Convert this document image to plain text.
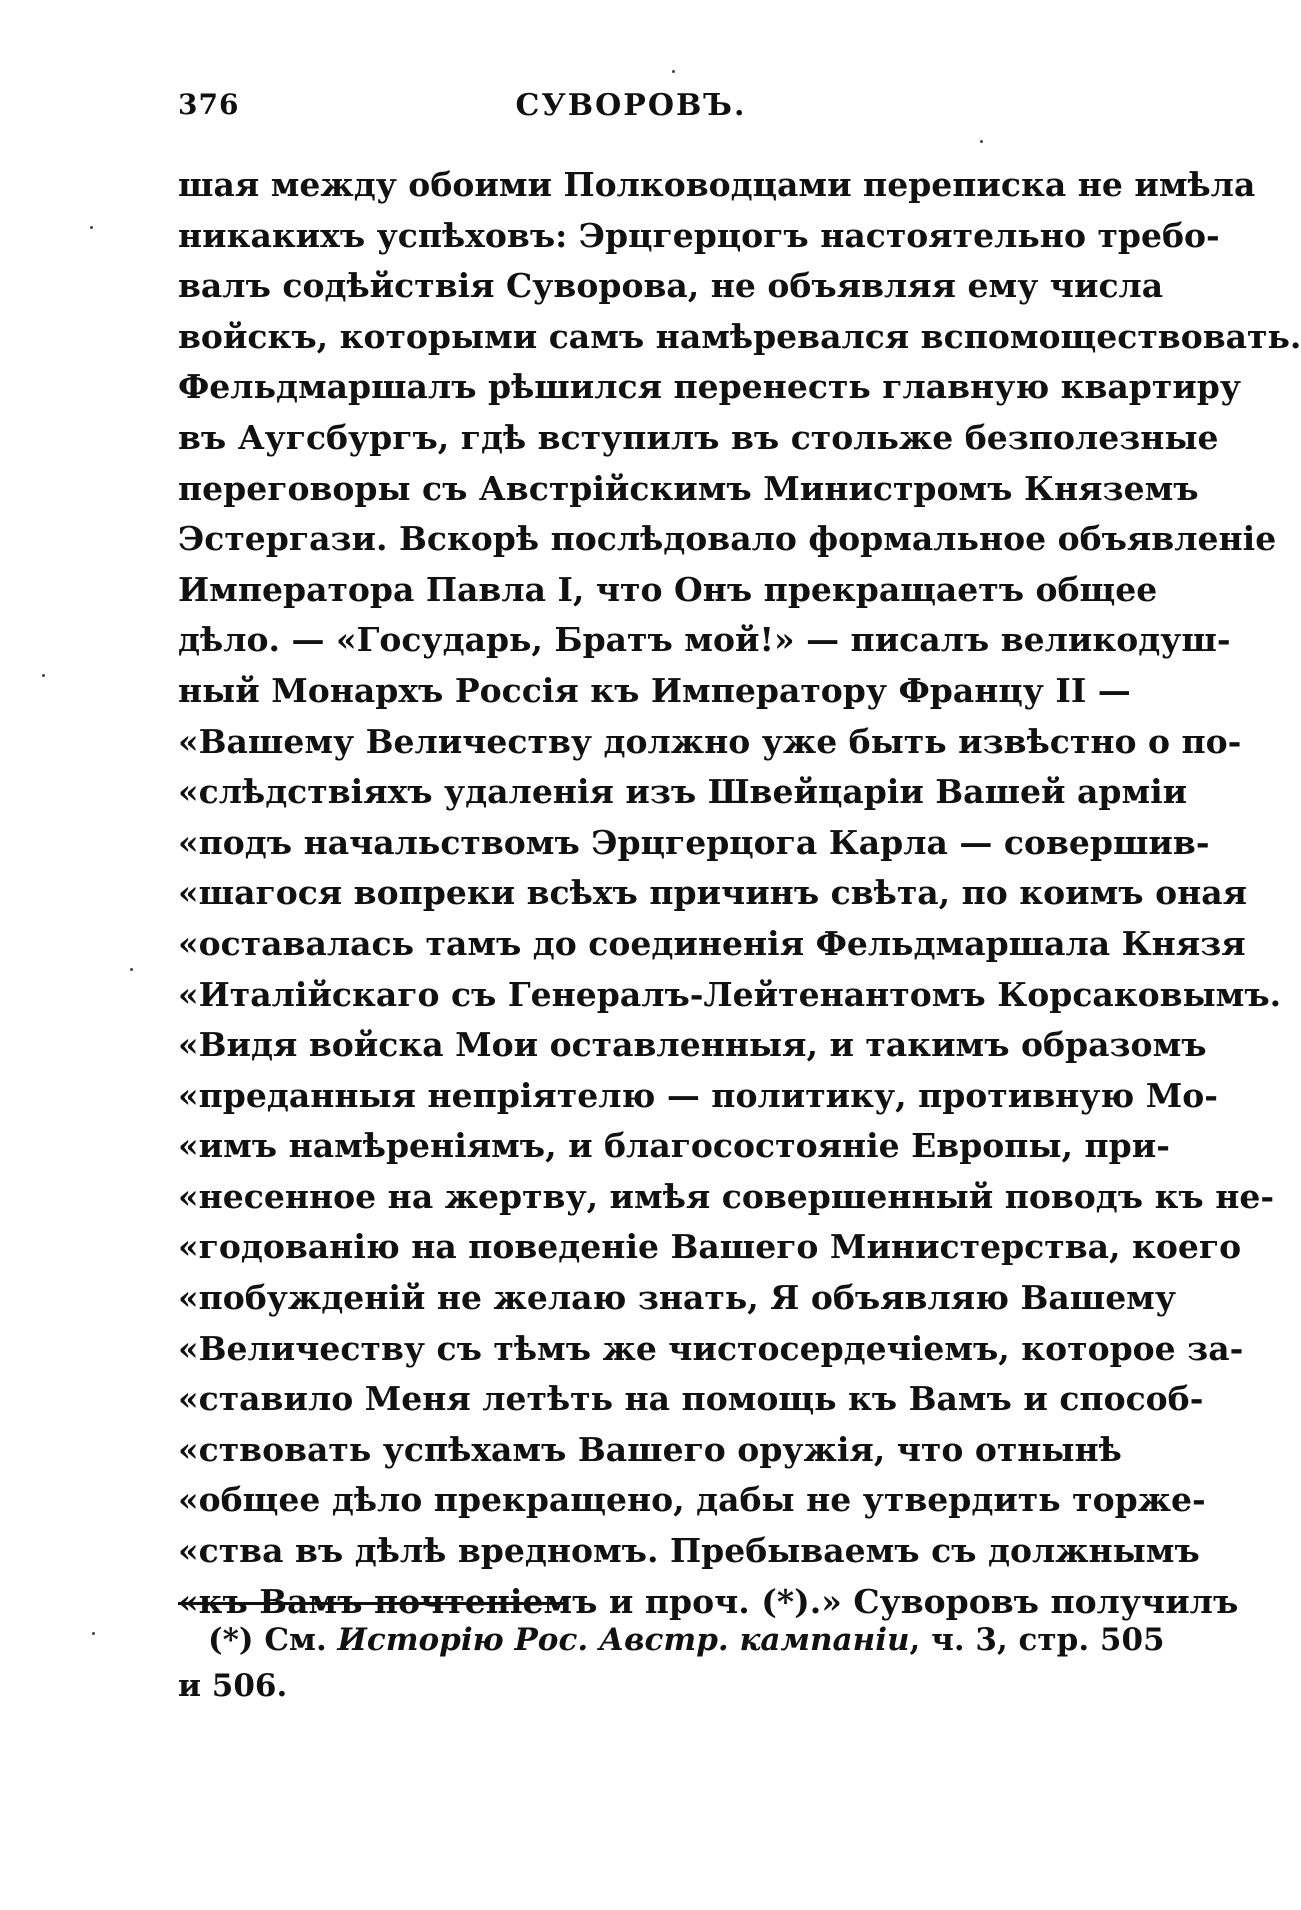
376	СУВОРОВЪ.
шая между обоими Полководцами переписка не имѣла
никакихъ успѣховъ: Эрцгерцогъ настоятельно требо-
валъ содѣйствія Суворова, не объявляя ему числа
войскъ, которыми самъ намѣревался вспомоществовать.
Фельдмаршалъ рѣшился перенесть главную квартиру
въ Аугсбургъ, гдѣ вступилъ въ стольже безполезные
переговоры съ Австрійскимъ Министромъ Княземъ
Эстергази. Вскорѣ послѣдовало формальное объявленіе
Императора Павла I, что Онъ прекращаетъ общее
дѣло. — «Государь, Братъ мой!» — писалъ великодуш-
ный Монархъ Россія къ Императору Францу II —
«Вашему Величеству должно уже быть извѣстно о по-
«слѣдствіяхъ удаленія изъ Швейцаріи Вашей арміи
«подъ начальствомъ Эрцгерцога Карла — совершив-
«шагося вопреки всѣхъ причинъ свѣта, по коимъ оная
«оставалась тамъ до соединенія Фельдмаршала Князя
«Италійскаго съ Генералъ-Лейтенантомъ Корсаковымъ.
«Видя войска Мои оставленныя, и такимъ образомъ
«преданныя непріятелю — политику, противную Мо-
«имъ намѣреніямъ, и благосостояніе Европы, при-
«несенное на жертву, имѣя совершенный поводъ къ не-
«годованію на поведеніе Вашего Министерства, коего
«побужденій не желаю знать, Я объявляю Вашему
«Величеству съ тѣмъ же чистосердечіемъ, которое за-
«ставило Меня летѣть на помощь къ Вамъ и способ-
«ствовать успѣхамъ Вашего оружія, что отнынѣ
«общее дѣло прекращено, дабы не утвердить торже-
«ства въ дѣлѣ вредномъ. Пребываемъ съ должнымъ
«къ Вамъ почтеніемъ и проч. (*).» Суворовъ получилъ
(*) См. Исторію Рос. Австр. кампаніи, ч. 3, стр. 505
и 506.
